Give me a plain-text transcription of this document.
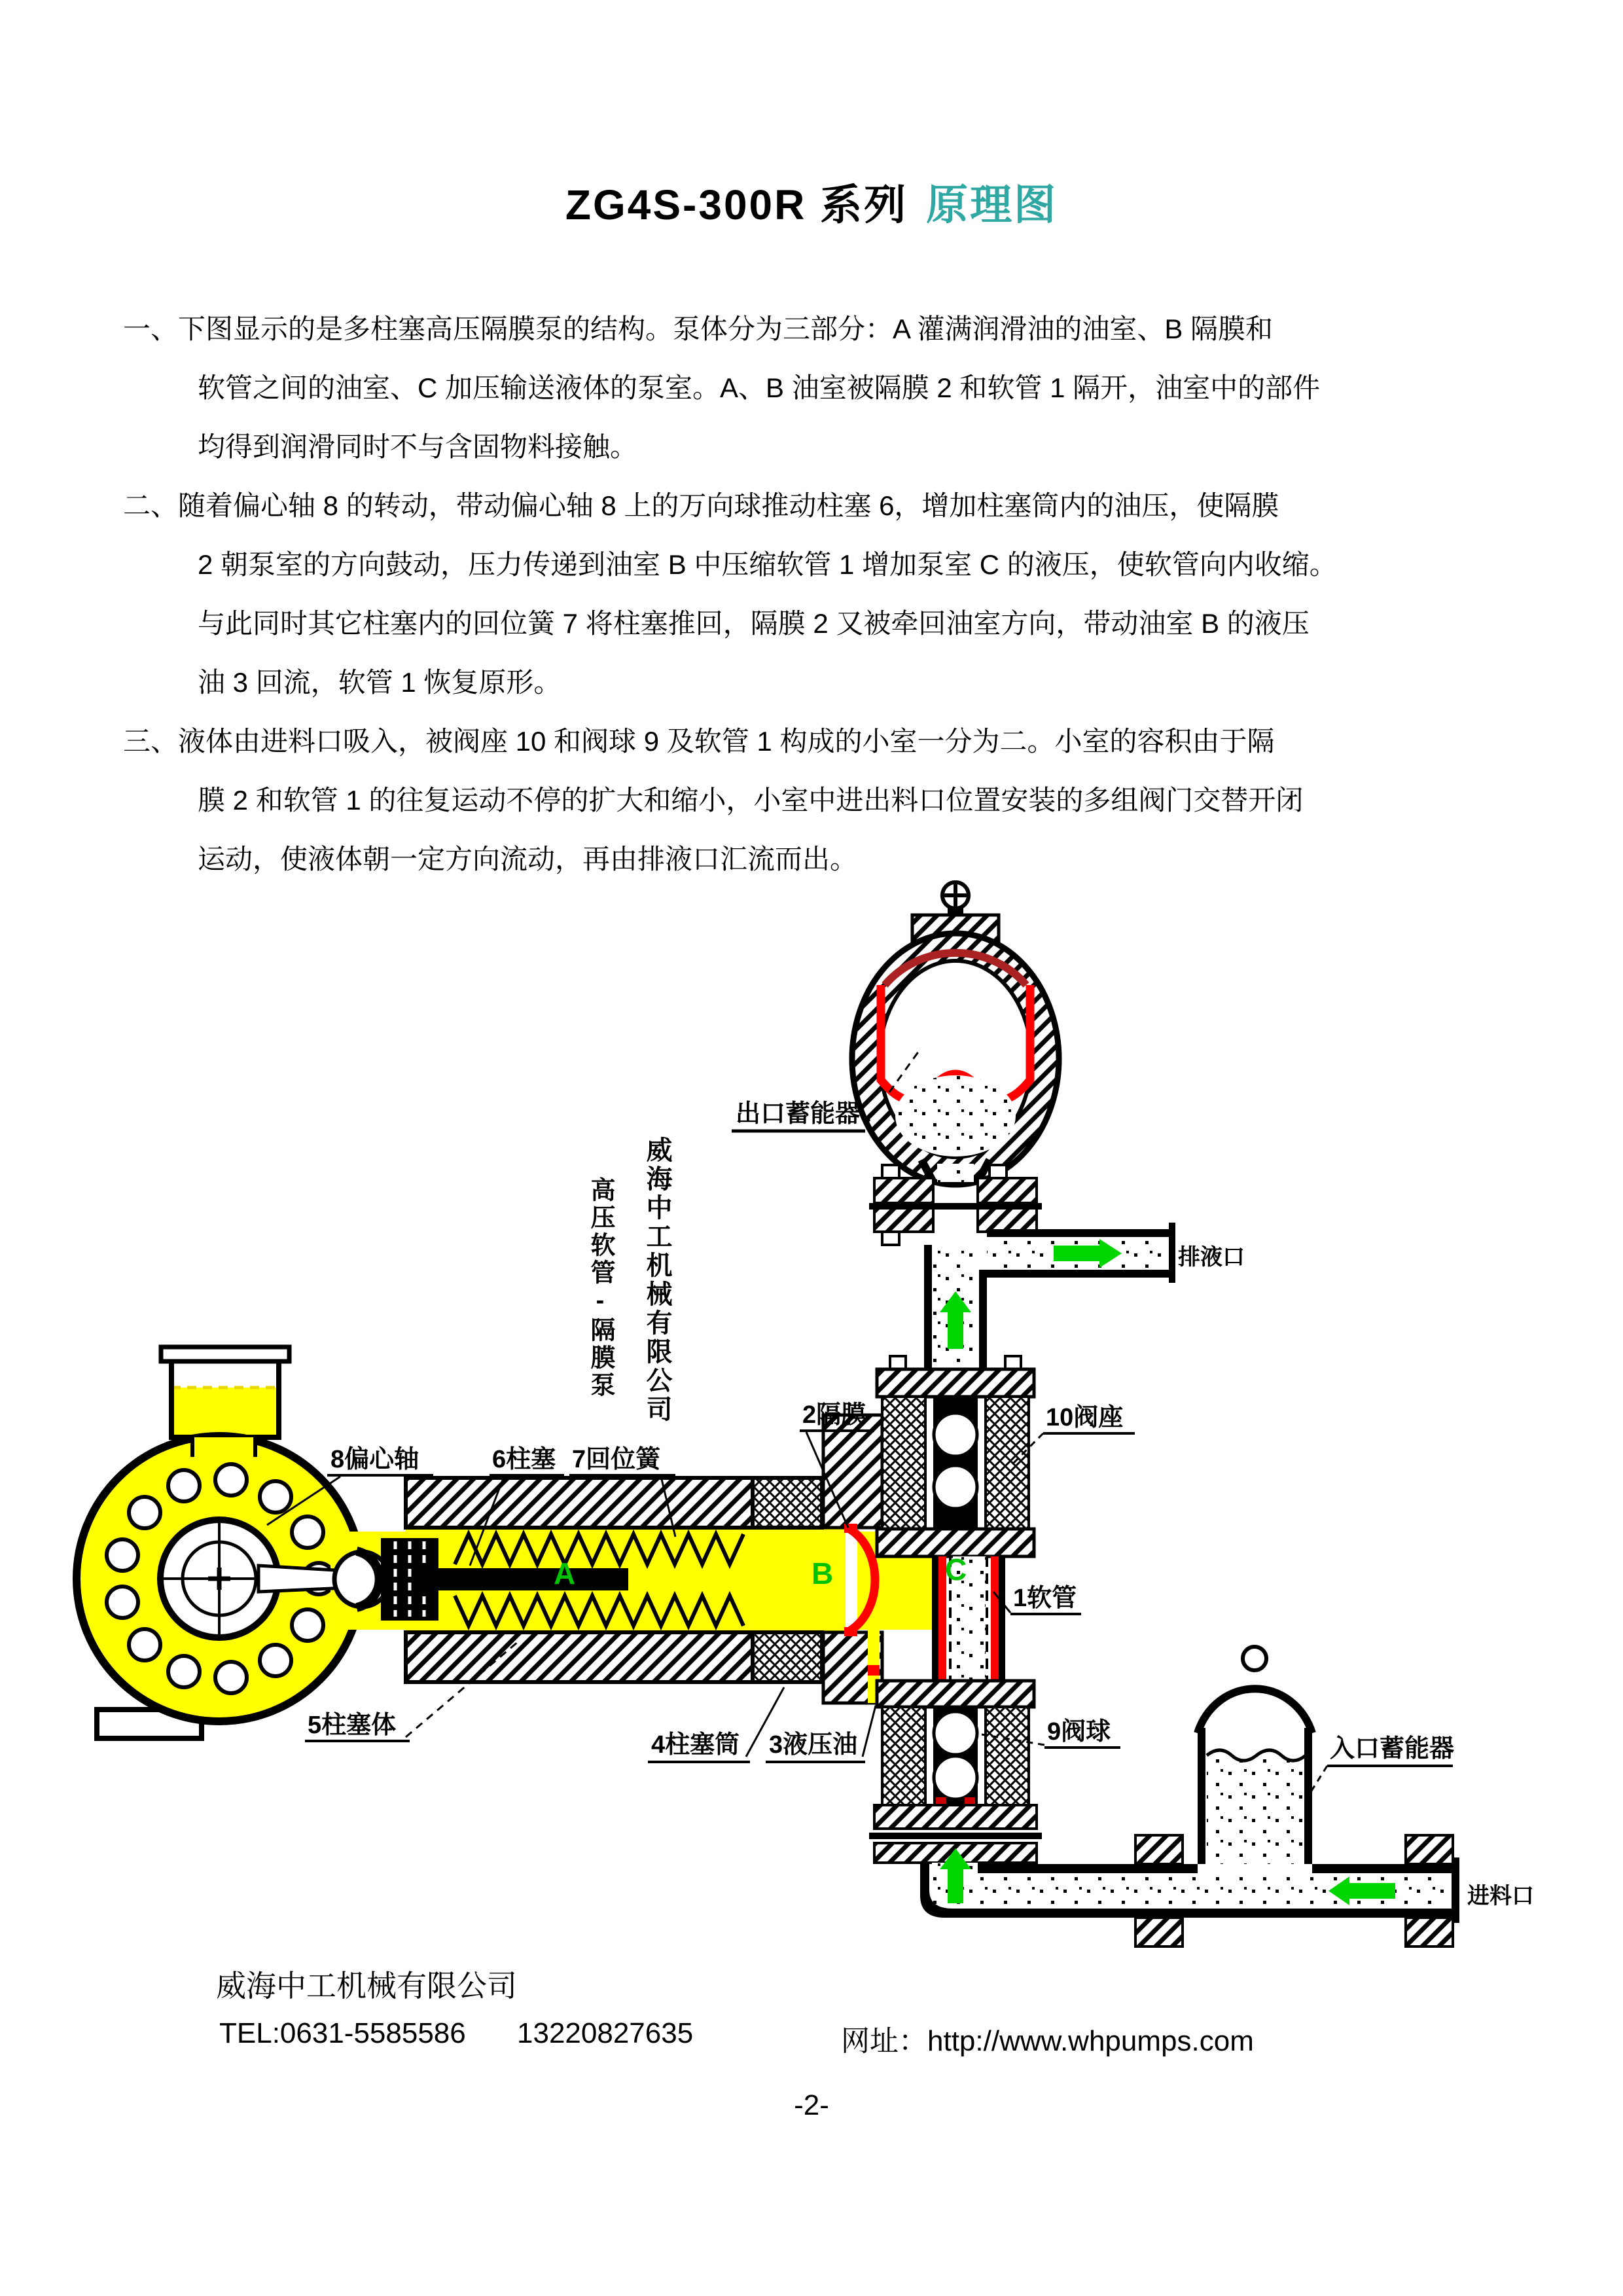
8偏心轴	6柱塞 7回位簧
2隔膜	10阀座
1软管
9阀球
5柱塞体
4柱塞筒 3液压油
出口蓄能器
入口蓄能器
排液口
进料口
A	B	C
ZG4S-300R 系列 原理图
一、下图显示的是多柱塞高压隔膜泵的结构。泵体分为三部分：A 灌满润滑油的油室、B 隔膜和
软管之间的油室、C 加压输送液体的泵室。A、B 油室被隔膜 2 和软管 1 隔开，油室中的部件
均得到润滑同时不与含固物料接触。
二、随着偏心轴 8 的转动，带动偏心轴 8 上的万向球推动柱塞 6，增加柱塞筒内的油压，使隔膜
2 朝泵室的方向鼓动，压力传递到油室 B 中压缩软管 1 增加泵室 C 的液压，使软管向内收缩。
与此同时其它柱塞内的回位簧 7 将柱塞推回，隔膜 2 又被牵回油室方向，带动油室 B 的液压
油 3 回流，软管 1 恢复原形。
三、液体由进料口吸入，被阀座 10 和阀球 9 及软管 1 构成的小室一分为二。小室的容积由于隔
膜 2 和软管 1 的往复运动不停的扩大和缩小，小室中进出料口位置安装的多组阀门交替开闭
运动，使液体朝一定方向流动，再由排液口汇流而出。
威海中工机械有限公司
高压软管-隔膜泵
威海中工机械有限公司
TEL:0631-5585586 13220827635	网址：http://www.whpumps.com
-2-
